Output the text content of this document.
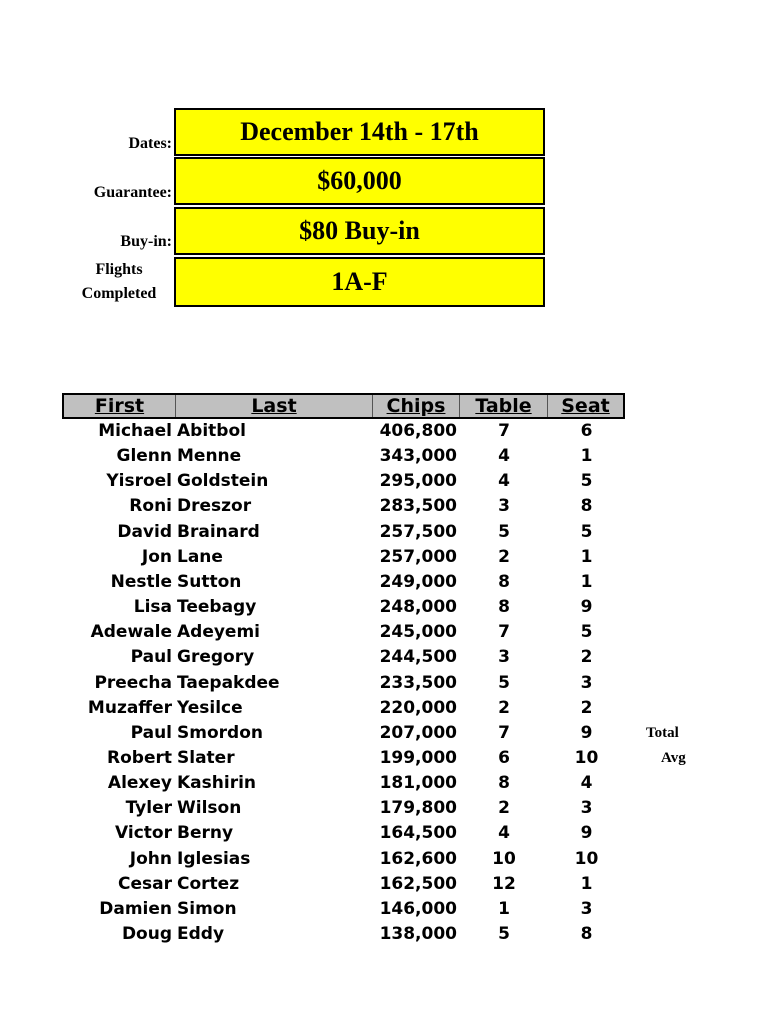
Dates:	December 14th - 17th
Guarantee:	$60,000
Buy-in:	$80 Buy-in
Flights
Completed	1A-F
First	Last	Chips	Table	Seat
Michael Abitbol	406,800	7	6
Glenn Menne	343,000	4	1
Yisroel Goldstein	295,000	4	5
Roni Dreszor	283,500	3	8
David Brainard	257,500	5	5
Jon Lane	257,000	2	1
Nestle Sutton	249,000	8	1
Lisa Teebagy	248,000	8	9
Adewale Adeyemi	245,000	7	5
Paul Gregory	244,500	3	2
Preecha Taepakdee	233,500	5	3
Muzaffer Yesilce	220,000	2	2
Paul Smordon	207,000	7	9
Robert Slater	199,000	6	10
Alexey Kashirin	181,000	8	4
Tyler Wilson	179,800	2	3
Victor Berny	164,500	4	9
John Iglesias	162,600	10	10
Cesar Cortez	162,500	12	1
Damien Simon	146,000	1	3
Doug Eddy	138,000	5	8
Total
Avg
